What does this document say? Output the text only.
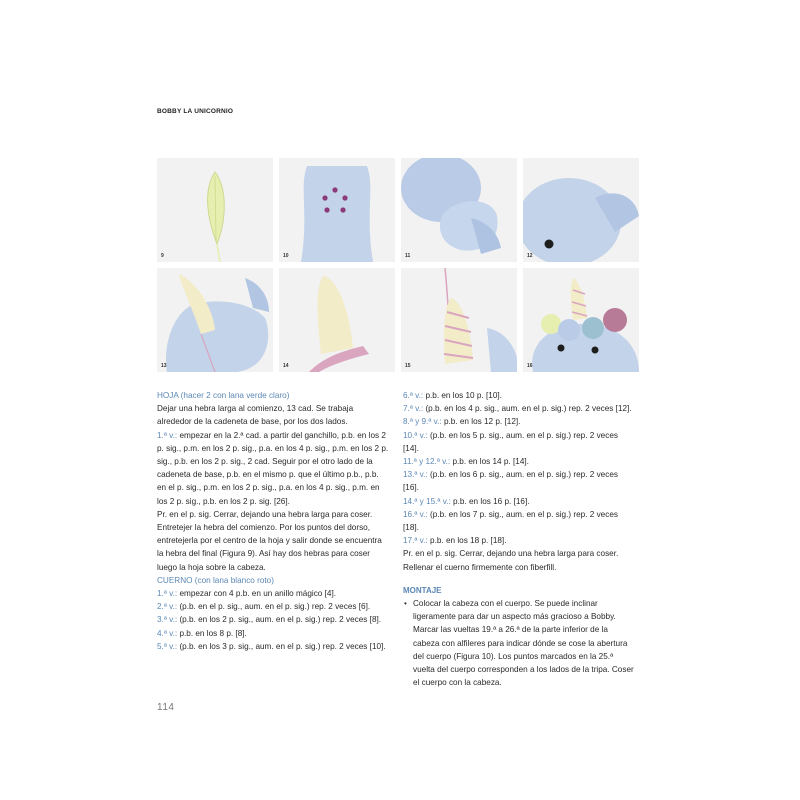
BOBBY LA UNICORNIO
9	10	11	12
13	14	15	16

HOJA (hacer 2 con lana verde claro)

Dejar una hebra larga al comienzo, 13 cad. Se trabaja alrededor de la cadeneta de base, por los dos lados.

1.ª v.: empezar en la 2.ª cad. a partir del ganchillo, p.b. en los 2 p. sig., p.m. en los 2 p. sig., p.a. en los 4 p. sig., p.m. en los 2 p. sig., p.b. en los 2 p. sig., 2 cad. Seguir por el otro lado de la cadeneta de base, p.b. en el mismo p. que el último p.b., p.b. en el p. sig., p.m. en los 2 p. sig., p.a. en los 4 p. sig., p.m. en los 2 p. sig., p.b. en los 2 p. sig. [26].

Pr. en el p. sig. Cerrar, dejando una hebra larga para coser. Entretejer la hebra del comienzo. Por los puntos del dorso, entretejerla por el centro de la hoja y salir donde se encuentra la hebra del final (Figura 9). Así hay dos hebras para coser luego la hoja sobre la cabeza.

CUERNO (con lana blanco roto)

1.ª v.: empezar con 4 p.b. en un anillo mágico [4].

2.ª v.: (p.b. en el p. sig., aum. en el p. sig.) rep. 2 veces [6].

3.ª v.: (p.b. en los 2 p. sig., aum. en el p. sig.) rep. 2 veces [8].

4.ª v.: p.b. en los 8 p. [8].

5.ª v.: (p.b. en los 3 p. sig., aum. en el p. sig.) rep. 2 veces [10].

6.ª v.: p.b. en los 10 p. [10].

7.ª v.: (p.b. en los 4 p. sig., aum. en el p. sig.) rep. 2 veces [12].

8.ª y 9.ª v.: p.b. en los 12 p. [12].

10.ª v.: (p.b. en los 5 p. sig., aum. en el p. sig.) rep. 2 veces [14].

11.ª y 12.ª v.: p.b. en los 14 p. [14].

13.ª v.: (p.b. en los 6 p. sig., aum. en el p. sig.) rep. 2 veces [16].

14.ª y 15.ª v.: p.b. en los 16 p. [16].

16.ª v.: (p.b. en los 7 p. sig., aum. en el p. sig.) rep. 2 veces [18].

17.ª v.: p.b. en los 18 p. [18].

Pr. en el p. sig. Cerrar, dejando una hebra larga para coser. Rellenar el cuerno firmemente con fiberfill.

MONTAJE

• Colocar la cabeza con el cuerpo. Se puede inclinar ligeramente para dar un aspecto más gracioso a Bobby. Marcar las vueltas 19.ª a 26.ª de la parte inferior de la cabeza con alfileres para indicar dónde se cose la abertura del cuerpo (Figura 10). Los puntos marcados en la 25.ª vuelta del cuerpo corresponden a los lados de la tripa. Coser el cuerpo con la cabeza.
114
